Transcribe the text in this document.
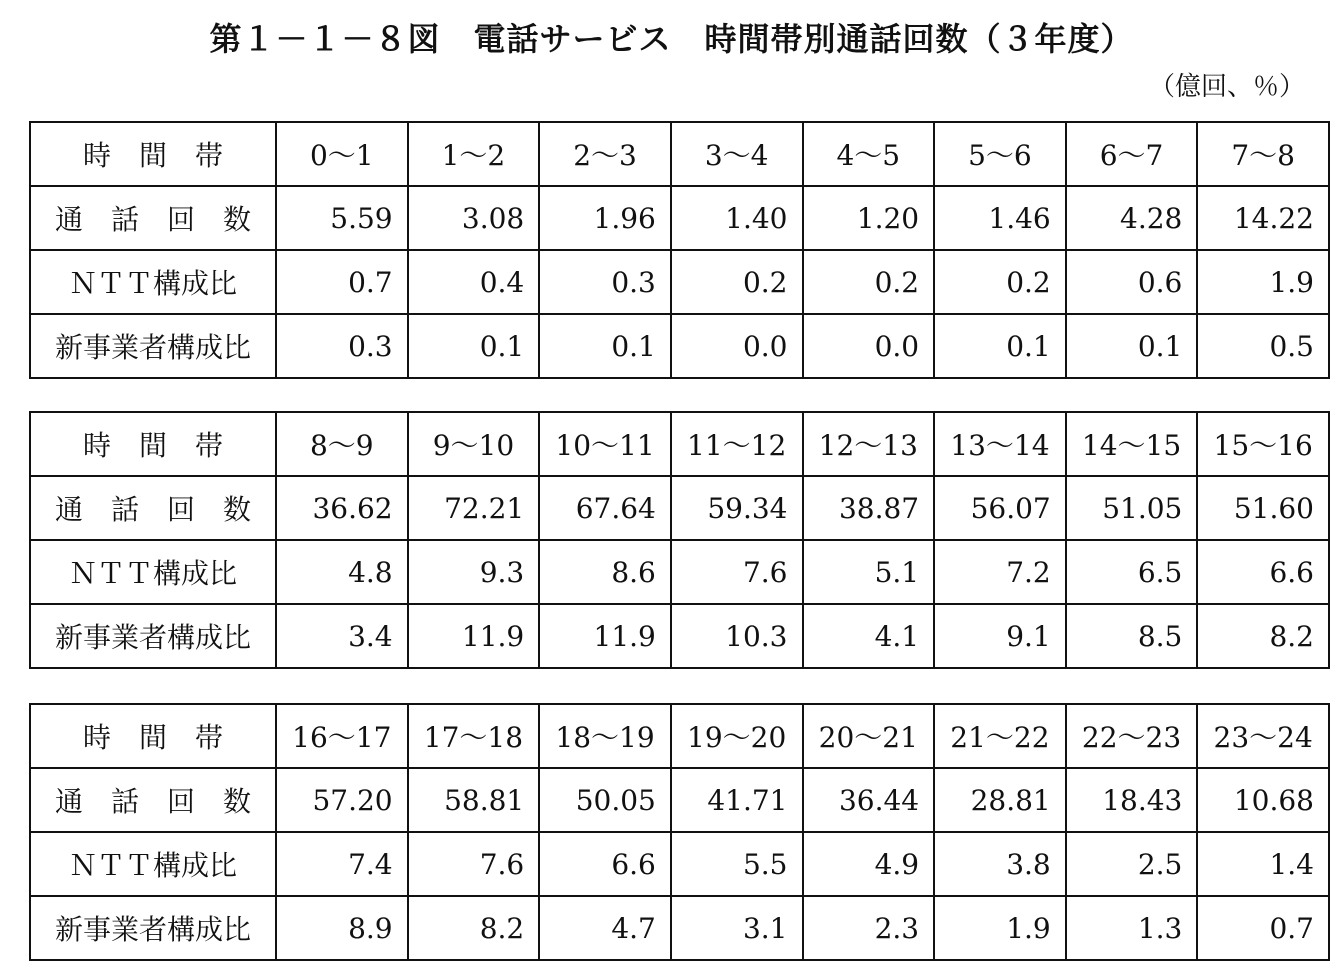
第１－１－８図　電話サービス　時間帯別通話回数（３年度）
（億回、％）
時　間　帯	0～1	1～2	2～3	3～4	4～5	5～6	6～7	7～8
通　話　回　数	5.59	3.08	1.96	1.40	1.20	1.46	4.28	14.22
ＮＴＴ構成比	0.7	0.4	0.3	0.2	0.2	0.2	0.6	1.9
新事業者構成比	0.3	0.1	0.1	0.0	0.0	0.1	0.1	0.5
時　間　帯	8～9	9～10	10～11	11～12	12～13	13～14	14～15	15～16
通　話　回　数	36.62	72.21	67.64	59.34	38.87	56.07	51.05	51.60
ＮＴＴ構成比	4.8	9.3	8.6	7.6	5.1	7.2	6.5	6.6
新事業者構成比	3.4	11.9	11.9	10.3	4.1	9.1	8.5	8.2
時　間　帯	16～17	17～18	18～19	19～20	20～21	21～22	22～23	23～24
通　話　回　数	57.20	58.81	50.05	41.71	36.44	28.81	18.43	10.68
ＮＴＴ構成比	7.4	7.6	6.6	5.5	4.9	3.8	2.5	1.4
新事業者構成比	8.9	8.2	4.7	3.1	2.3	1.9	1.3	0.7
